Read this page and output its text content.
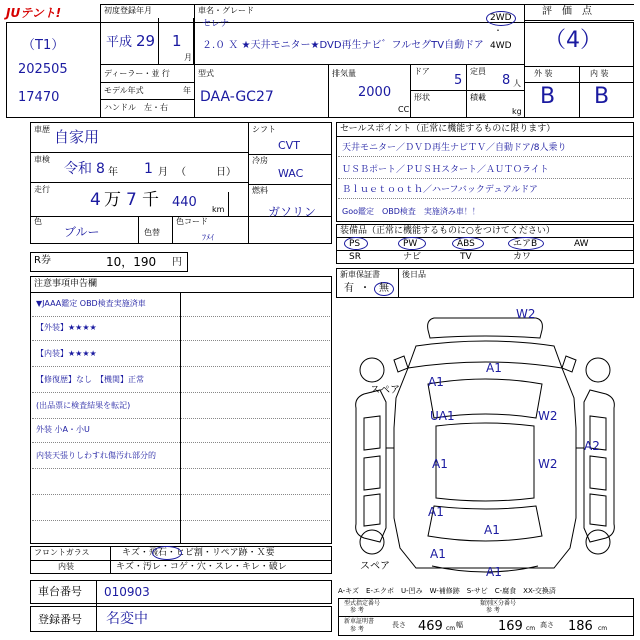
JUテント!
（T1）
202505
17470
初度登録年月
平成 29 1
月
車名・グレード
セレナ
２.０ Ｘ ★天井モニター★DVD再生ナビ゛フルセグTV自動ドア
2WD
・
4WD
評　価　点
（4）
外 装	内 装
B B
ディーラー・並 行
モデル年式	年
ハンドル　左・右
型式
DAA-GC27
排気量
2000
CC
ドア
5
定員
8 人
形状	積載
kg
車歴 自家用
車検
令和 8 年 1 月 （　　　日）
走行
4 万 7 千 440 km
色
ブルー	色替
色コード
ﾌﾒｲ
シフト
CVT
冷房
WAC
燃料
ガソリン
R券	10，190 円
セールスポイント（正常に機能するものに限ります）
天井モニター／ＤＶＤ再生ナビＴＶ／自動ドア/8人乗り
ＵＳＢポート／ＰＵＳＨスタート／ＡＵＴＯライト
Ｂｌｕｅｔｏｏｔｈ／ハーフバックデュアルドア
Goo鑑定　OBD検査　実施済み車！！
装備品（正常に機能するものに○をつけてください）
PS	PW	ABS	エアB	AW
SR	ナビ	TV	カワ
新車保証書
有 ・ 無
後日品
注意事項申告欄
▼JAAA鑑定 OBD検査実施済車
【外装】★★★★
【内装】★★★★
【修復歴】なし　【機関】正常
(出品票に検査結果を転記)
外装 小A・小U
内装天張りしわすれ傷汚れ部分的
フロントガラス	キズ・飛石・ヒビ割・リペア跡・Ｘ要
内装	キズ・汚レ・コゲ・穴・スレ・キレ・破レ
車台番号 010903
登録番号 名変中
スペア
スペア
W2
A1
A1
UA1	W2
A2
A1	W2
A1
A1
A1
A1
A-キズ　E-エクボ　U-凹み　W-補修跡　S-サビ　C-腐食　XX-交換済
型式指定番号	類別区分番号
参 考	参 考
新車証明書
参 考
長さ 469 cm 幅	169 cm 高さ 186 cm
